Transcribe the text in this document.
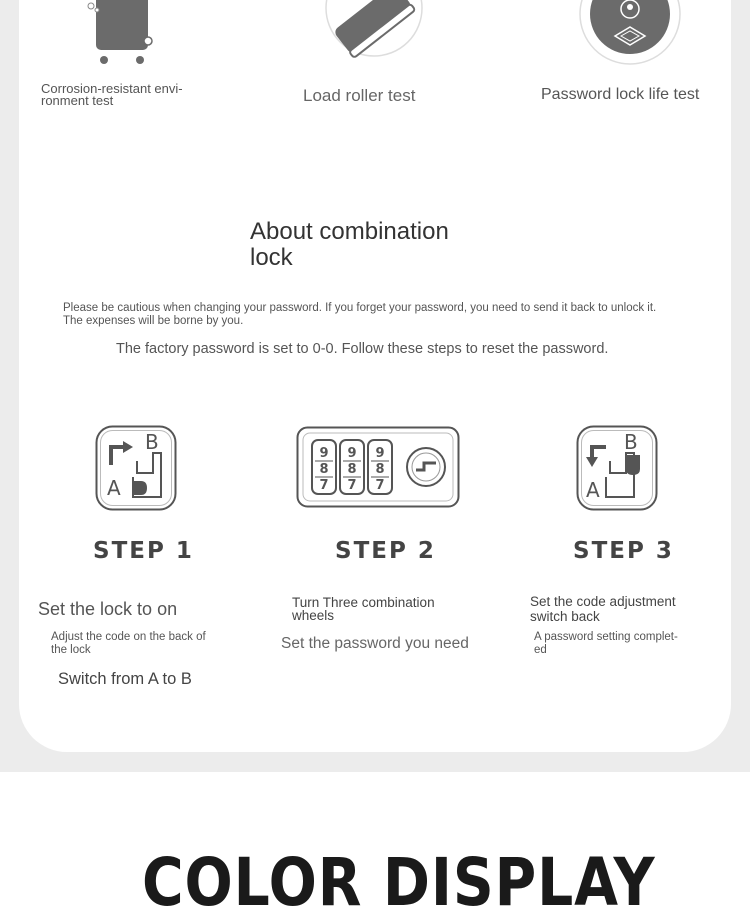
Corrosion-resistant envi-
ronment test	Load roller test	Password lock life test
About combination
lock
Please be cautious when changing your password. If you forget your password, you need to send it back to unlock it.
The expenses will be borne by you.
The factory password is set to 0-0. Follow these steps to reset the password.
A
B	9
8
7
9
8
7
9
8
7	A
B
STEP 1	STEP 2	STEP 3
Set the lock to on
Adjust the code on the back of
the lock
Switch from A to B
Turn Three combination
wheels
Set the password you need
Set the code adjustment
switch back
A password setting complet-
ed
COLOR DISPLAY
